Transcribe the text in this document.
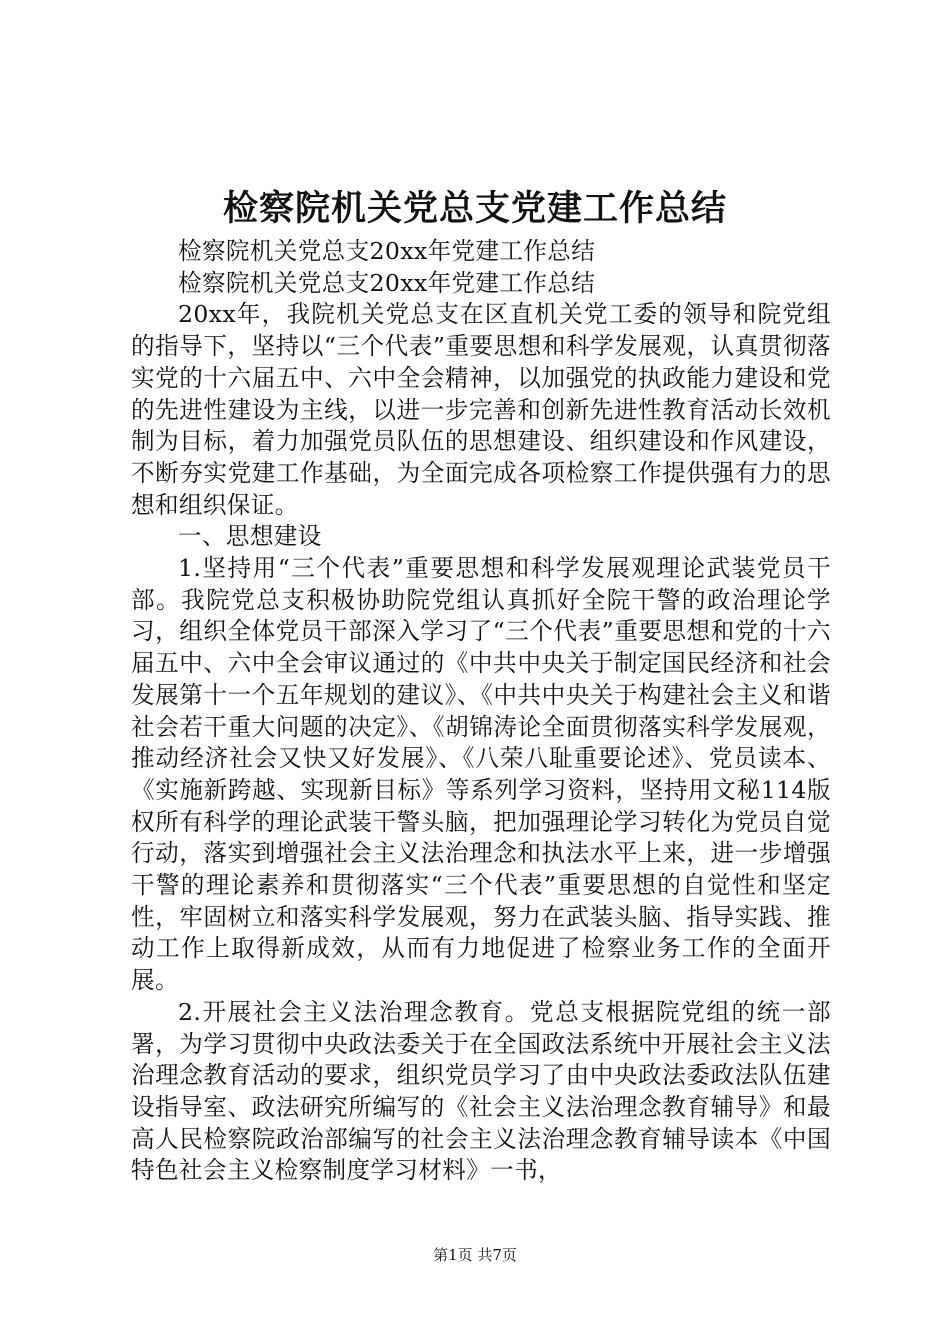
检察院机关党总支党建工作总结

检察院机关党总支20xx年党建工作总结

检察院机关党总支20xx年党建工作总结

20xx年，我院机关党总支在区直机关党工委的领导和院党组的指导下，坚持以“三个代表”重要思想和科学发展观，认真贯彻落实党的十六届五中、六中全会精神，以加强党的执政能力建设和党的先进性建设为主线，以进一步完善和创新先进性教育活动长效机制为目标，着力加强党员队伍的思想建设、组织建设和作风建设，不断夯实党建工作基础，为全面完成各项检察工作提供强有力的思想和组织保证。

一、思想建设

1.坚持用“三个代表”重要思想和科学发展观理论武装党员干部。我院党总支积极协助院党组认真抓好全院干警的政治理论学习，组织全体党员干部深入学习了“三个代表”重要思想和党的十六届五中、六中全会审议通过的《中共中央关于制定国民经济和社会发展第十一个五年规划的建议》、《中共中央关于构建社会主义和谐社会若干重大问题的决定》、《胡锦涛论全面贯彻落实科学发展观，推动经济社会又快又好发展》、《八荣八耻重要论述》、党员读本、《实施新跨越、实现新目标》等系列学习资料，坚持用文秘114版权所有科学的理论武装干警头脑，把加强理论学习转化为党员自觉行动，落实到增强社会主义法治理念和执法水平上来，进一步增强干警的理论素养和贯彻落实“三个代表”重要思想的自觉性和坚定性，牢固树立和落实科学发展观，努力在武装头脑、指导实践、推动工作上取得新成效，从而有力地促进了检察业务工作的全面开展。

2.开展社会主义法治理念教育。党总支根据院党组的统一部署，为学习贯彻中央政法委关于在全国政法系统中开展社会主义法治理念教育活动的要求，组织党员学习了由中央政法委政法队伍建设指导室、政法研究所编写的《社会主义法治理念教育辅导》和最高人民检察院政治部编写的社会主义法治理念教育辅导读本《中国特色社会主义检察制度学习材料》一书，

第1页 共7页
